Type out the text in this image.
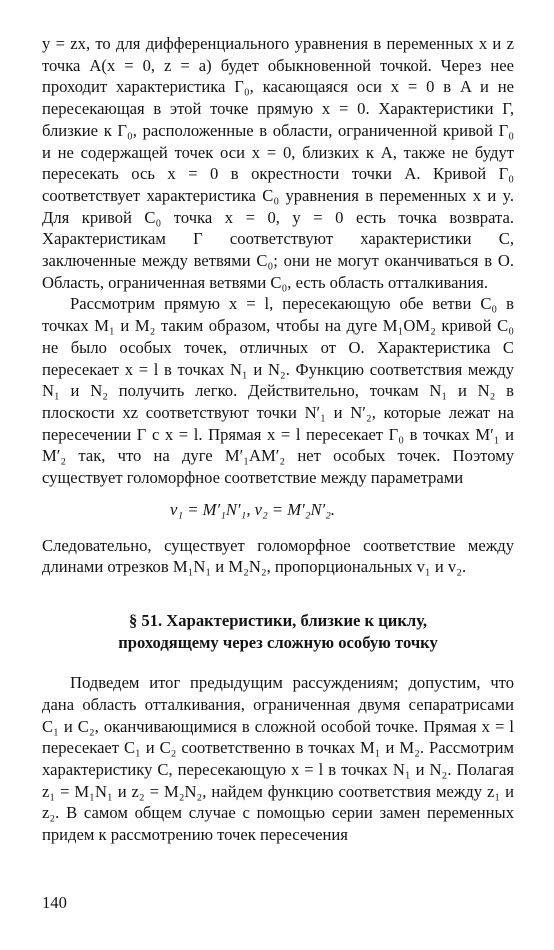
y = zx, то для дифференциального уравнения в переменных x и z точка A(x = 0, z = a) будет обыкновенной точкой. Через нее проходит характеристика Γ₀, касающаяся оси x = 0 в A и не пересекающая в этой точке прямую x = 0. Характеристики Γ, близкие к Γ₀, расположенные в области, ограниченной кривой Γ₀ и не содержащей точек оси x = 0, близких к A, также не будут пересекать ось x = 0 в окрестности точки A. Кривой Γ₀ соответствует характеристика C₀ уравнения в переменных x и y. Для кривой C₀ точка x = 0, y = 0 есть точка возврата. Характеристикам Γ соответствуют характеристики C, заключенные между ветвями C₀; они не могут оканчиваться в O. Область, ограниченная ветвями C₀, есть область отталкивания.

Рассмотрим прямую x = l, пересекающую обе ветви C₀ в точках M₁ и M₂ таким образом, чтобы на дуге M₁OM₂ кривой C₀ не было особых точек, отличных от O. Характеристика C пересекает x = l в точках N₁ и N₂. Функцию соответствия между N₁ и N₂ получить легко. Действительно, точкам N₁ и N₂ в плоскости xz соответствуют точки N′₁ и N′₂, которые лежат на пересечении Γ с x = l. Прямая x = l пересекает Γ₀ в точках M′₁ и M′₂ так, что на дуге M′₁AM′₂ нет особых точек. Поэтому существует голоморфное соответствие между параметрами

v₁ = M′₁N′₁, v₂ = M′₂N′₂.

Следовательно, существует голоморфное соответствие между длинами отрезков M₁N₁ и M₂N₂, пропорциональных v₁ и v₂.

§ 51. Характеристики, близкие к циклу,
проходящему через сложную особую точку

Подведем итог предыдущим рассуждениям; допустим, что дана область отталкивания, ограниченная двумя сепаратрисами C₁ и C₂, оканчивающимися в сложной особой точке. Прямая x = l пересекает C₁ и C₂ соответственно в точках M₁ и M₂. Рассмотрим характеристику C, пересекающую x = l в точках N₁ и N₂. Полагая z₁ = M₁N₁ и z₂ = M₂N₂, найдем функцию соответствия между z₁ и z₂. В самом общем случае с помощью серии замен переменных придем к рассмотрению точек пересечения

140
